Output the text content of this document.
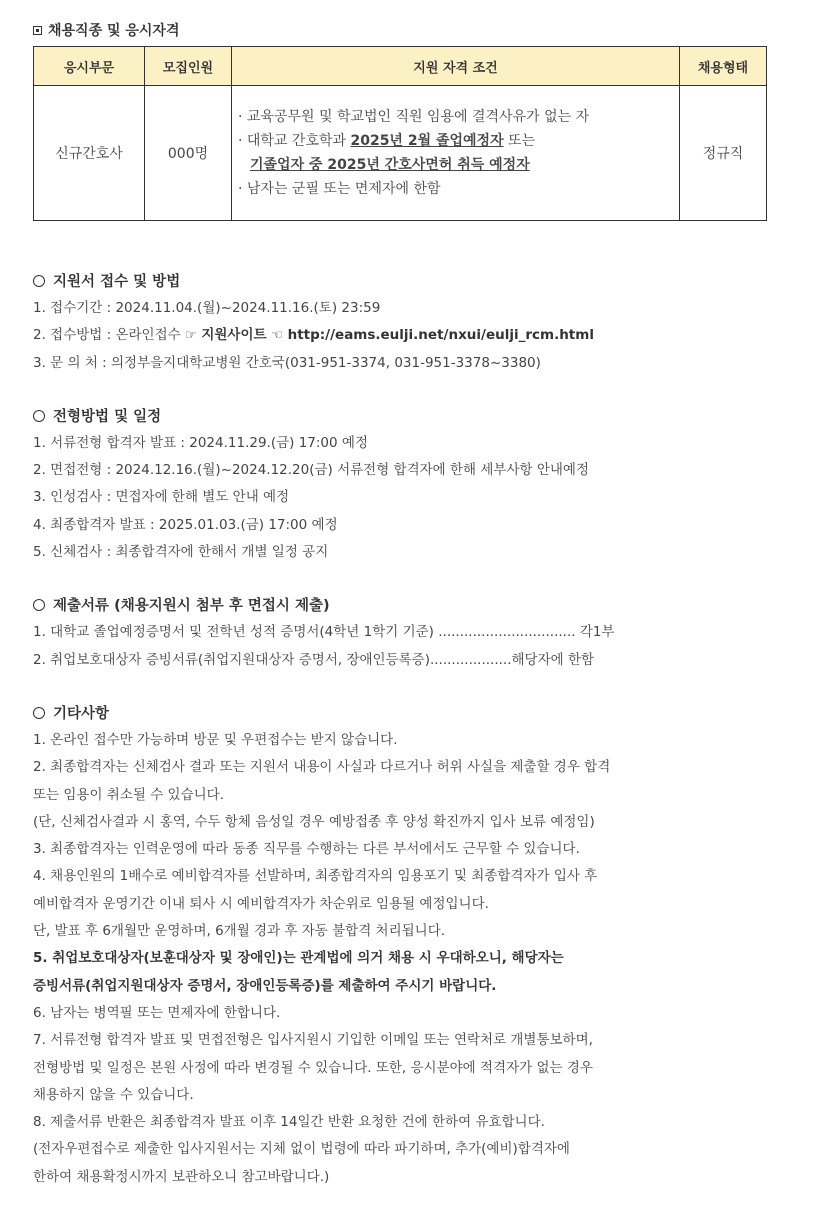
채용직종 및 응시자격
응시부문	모집인원	지원 자격 조건	채용형태
신규간호사	000명	· 교육공무원 및 학교법인 직원 임용에 결격사유가 없는 자
· 대학교 간호학과 2025년 2월 졸업예정자 또는
기졸업자 중 2025년 간호사면허 취득 예정자
· 남자는 군필 또는 면제자에 한함	정규직
지원서 접수 및 방법
1. 접수기간 : 2024.11.04.(월)~2024.11.16.(토) 23:59
2. 접수방법 : 온라인접수 ☞ 지원사이트 ☜ http://eams.eulji.net/nxui/eulji_rcm.html
3. 문 의 처 : 의정부을지대학교병원 간호국(031-951-3374, 031-951-3378~3380)
전형방법 및 일정
1. 서류전형 합격자 발표 : 2024.11.29.(금) 17:00 예정
2. 면접전형 : 2024.12.16.(월)~2024.12.20(금) 서류전형 합격자에 한해 세부사항 안내예정
3. 인성검사 : 면접자에 한해 별도 안내 예정
4. 최종합격자 발표 : 2025.01.03.(금) 17:00 예정
5. 신체검사 : 최종합격자에 한해서 개별 일정 공지
제출서류 (채용지원시 첨부 후 면접시 제출)
1. 대학교 졸업예정증명서 및 전학년 성적 증명서(4학년 1학기 기준) ................................ 각1부
2. 취업보호대상자 증빙서류(취업지원대상자 증명서, 장애인등록증)...................해당자에 한함
기타사항
1. 온라인 접수만 가능하며 방문 및 우편접수는 받지 않습니다.
2. 최종합격자는 신체검사 결과 또는 지원서 내용이 사실과 다르거나 허위 사실을 제출할 경우 합격
또는 임용이 취소될 수 있습니다.
(단, 신체검사결과 시 홍역, 수두 항체 음성일 경우 예방접종 후 양성 확진까지 입사 보류 예정임)
3. 최종합격자는 인력운영에 따라 동종 직무를 수행하는 다른 부서에서도 근무할 수 있습니다.
4. 채용인원의 1배수로 예비합격자를 선발하며, 최종합격자의 임용포기 및 최종합격자가 입사 후
예비합격자 운영기간 이내 퇴사 시 예비합격자가 차순위로 임용될 예정입니다.
단, 발표 후 6개월만 운영하며, 6개월 경과 후 자동 불합격 처리됩니다.
5. 취업보호대상자(보훈대상자 및 장애인)는 관계법에 의거 채용 시 우대하오니, 해당자는
증빙서류(취업지원대상자 증명서, 장애인등록증)를 제출하여 주시기 바랍니다.
6. 남자는 병역필 또는 면제자에 한합니다.
7. 서류전형 합격자 발표 및 면접전형은 입사지원시 기입한 이메일 또는 연락처로 개별통보하며,
전형방법 및 일정은 본원 사정에 따라 변경될 수 있습니다. 또한, 응시분야에 적격자가 없는 경우
채용하지 않을 수 있습니다.
8. 제출서류 반환은 최종합격자 발표 이후 14일간 반환 요청한 건에 한하여 유효합니다.
(전자우편접수로 제출한 입사지원서는 지체 없이 법령에 따라 파기하며, 추가(예비)합격자에
한하여 채용확정시까지 보관하오니 참고바랍니다.)
